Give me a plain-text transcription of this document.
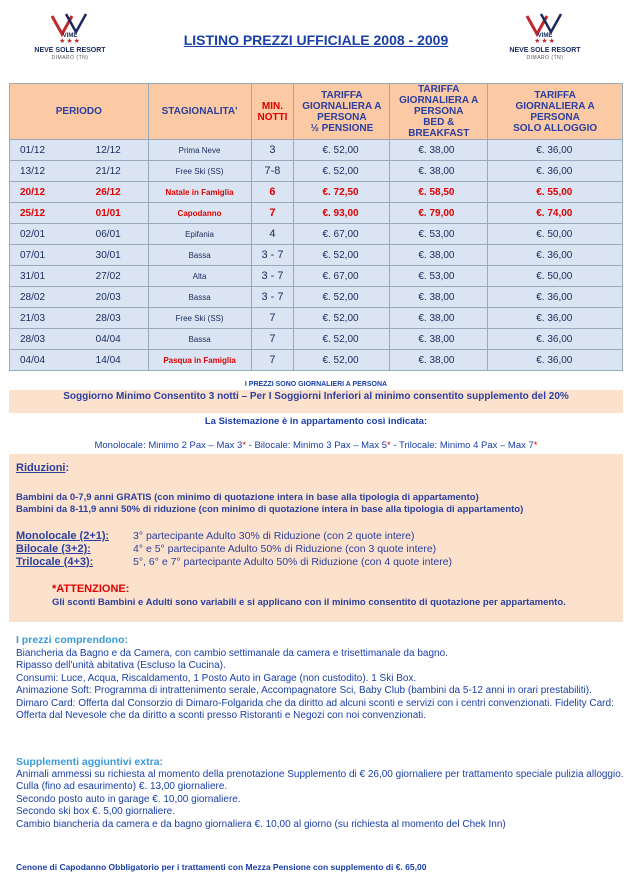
VIME
★★★
NEVE SOLE RESORT
DIMARO (TN)
VIME
★★★
NEVE SOLE RESORT
DIMARO (TN)
LISTINO PREZZI UFFICIALE 2008 - 2009
PERIODO	STAGIONALITA'	MIN.
NOTTI	TARIFFA
GIORNALIERA A
PERSONA
½ PENSIONE	TARIFFA
GIORNALIERA A
PERSONA
BED &
BREAKFAST	TARIFFA
GIORNALIERA A
PERSONA
SOLO ALLOGGIO
01/12 12/12	Prima Neve	3	€. 52,00	€. 38,00	€. 36,00
13/12 21/12	Free Ski (SS)	7-8	€. 52,00	€. 38,00	€. 36,00
20/12 26/12	Natale in Famiglia	6	€. 72,50	€. 58,50	€. 55,00
25/12 01/01	Capodanno	7	€. 93,00	€. 79,00	€. 74,00
02/01 06/01	Epifania	4	€. 67,00	€. 53,00	€. 50,00
07/01 30/01	Bassa	3 - 7	€. 52,00	€. 38,00	€. 36,00
31/01 27/02	Alta	3 - 7	€. 67,00	€. 53,00	€. 50,00
28/02 20/03	Bassa	3 - 7	€. 52,00	€. 38,00	€. 36,00
21/03 28/03	Free Ski (SS)	7	€. 52,00	€. 38,00	€. 36,00
28/03 04/04	Bassa	7	€. 52,00	€. 38,00	€. 36,00
04/04 14/04	Pasqua in Famiglia	7	€. 52,00	€. 38,00	€. 36,00
I PREZZI SONO GIORNALIERI A PERSONA
Soggiorno Minimo Consentito 3 notti – Per I Soggiorni Inferiori al minimo consentito supplemento del 20%
La Sistemazione è in appartamento così indicata:
Monolocale: Minimo 2 Pax – Max 3* - Bilocale: Minimo 3 Pax – Max 5* - Trilocale: Minimo 4 Pax – Max 7*
Riduzioni:
Bambini da 0-7,9 anni GRATIS (con minimo di quotazione intera in base alla tipologia di appartamento)
Bambini da 8-11,9 anni 50% di riduzione (con minimo di quotazione intera in base alla tipologia di appartamento)
Monolocale (2+1): 3° partecipante Adulto 30% di Riduzione (con 2 quote intere)
Bilocale (3+2):	4° e 5° partecipante Adulto 50% di Riduzione (con 3 quote intere)
Trilocale (4+3):	5°, 6° e 7° partecipante Adulto 50% di Riduzione (con 4 quote intere)
*ATTENZIONE:
Gli sconti Bambini e Adulti sono variabili e si applicano con il minimo consentito di quotazione per appartamento.
I prezzi comprendono:
Biancheria da Bagno e da Camera, con cambio settimanale da camera e trisettimanale da bagno.
Ripasso dell'unità abitativa (Escluso la Cucina).
Consumi: Luce, Acqua, Riscaldamento, 1 Posto Auto in Garage (non custodito). 1 Ski Box.
Animazione Soft: Programma di intrattenimento serale, Accompagnatore Sci, Baby Club (bambini da 5-12 anni in orari prestabiliti). Dimaro Card: Offerta dal Consorzio di Dimaro-Folgarida che da diritto ad alcuni sconti e servizi con i centri convenzionati. Fidelity Card: Offerta dal Nevesole che da diritto a sconti presso Ristoranti e Negozi con noi convenzionati.
Supplementi aggiuntivi extra:
Animali ammessi su richiesta al momento della prenotazione Supplemento di € 26,00 giornaliere per trattamento speciale pulizia alloggio.
Culla (fino ad esaurimento) €. 13,00 giornaliere.
Secondo posto auto in garage €. 10,00 giornaliere.
Secondo ski box €. 5,00 giornaliere.
Cambio biancheria da camera e da bagno giornaliera €. 10,00 al giorno (su richiesta al momento del Chek Inn)
Cenone di Capodanno Obbligatorio per i trattamenti con Mezza Pensione con supplemento di €. 65,00
